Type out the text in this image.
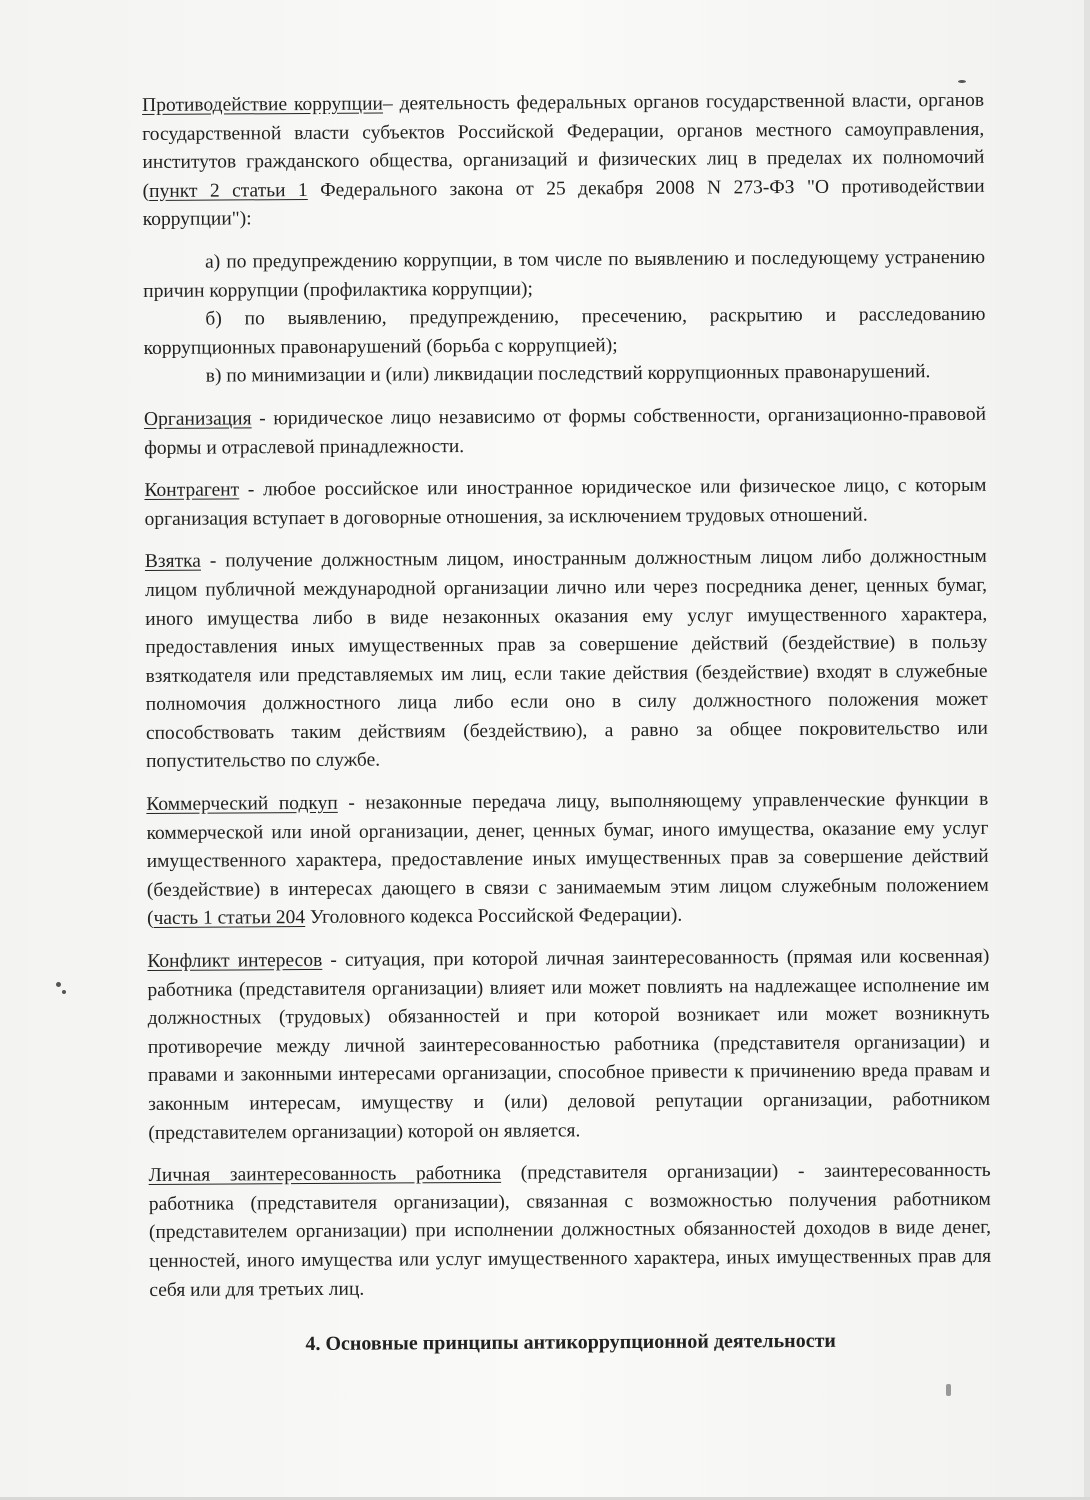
Противодействие коррупции– деятельность федеральных органов государственной власти, органов государственной власти субъектов Российской Федерации, органов местного самоуправления, институтов гражданского общества, организаций и физических лиц в пределах их полномочий (пункт 2 статьи 1 Федерального закона от 25 декабря 2008 N 273-ФЗ "О противодействии коррупции"):

а) по предупреждению коррупции, в том числе по выявлению и последующему устранению причин коррупции (профилактика коррупции);

б) по выявлению, предупреждению, пресечению, раскрытию и расследованию коррупционных правонарушений (борьба с коррупцией);

в) по минимизации и (или) ликвидации последствий коррупционных правонарушений.

Организация - юридическое лицо независимо от формы собственности, организационно-правовой формы и отраслевой принадлежности.

Контрагент - любое российское или иностранное юридическое или физическое лицо, с которым организация вступает в договорные отношения, за исключением трудовых отношений.

Взятка - получение должностным лицом, иностранным должностным лицом либо должностным лицом публичной международной организации лично или через посредника денег, ценных бумаг, иного имущества либо в виде незаконных оказания ему услуг имущественного характера, предоставления иных имущественных прав за совершение действий (бездействие) в пользу взяткодателя или представляемых им лиц, если такие действия (бездействие) входят в служебные полномочия должностного лица либо если оно в силу должностного положения может способствовать таким действиям (бездействию), а равно за общее покровительство или попустительство по службе.

Коммерческий подкуп - незаконные передача лицу, выполняющему управленческие функции в коммерческой или иной организации, денег, ценных бумаг, иного имущества, оказание ему услуг имущественного характера, предоставление иных имущественных прав за совершение действий (бездействие) в интересах дающего в связи с занимаемым этим лицом служебным положением (часть 1 статьи 204 Уголовного кодекса Российской Федерации).

Конфликт интересов - ситуация, при которой личная заинтересованность (прямая или косвенная) работника (представителя организации) влияет или может повлиять на надлежащее исполнение им должностных (трудовых) обязанностей и при которой возникает или может возникнуть противоречие между личной заинтересованностью работника (представителя организации) и правами и законными интересами организации, способное привести к причинению вреда правам и законным интересам, имуществу и (или) деловой репутации организации, работником (представителем организации) которой он является.

Личная заинтересованность работника (представителя организации) - заинтересованность работника (представителя организации), связанная с возможностью получения работником (представителем организации) при исполнении должностных обязанностей доходов в виде денег, ценностей, иного имущества или услуг имущественного характера, иных имущественных прав для себя или для третьих лиц.

4. Основные принципы антикоррупционной деятельности
